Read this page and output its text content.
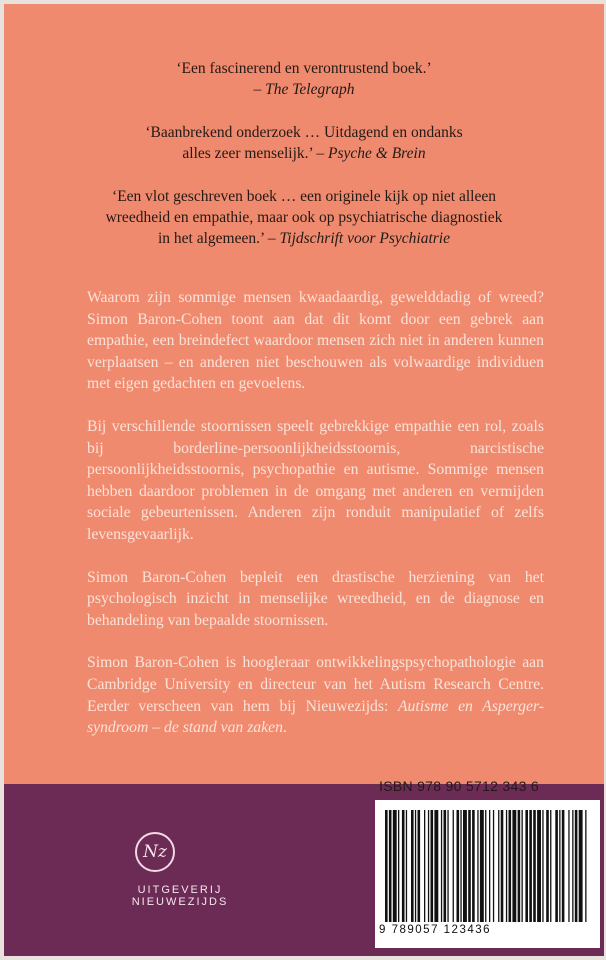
‘Een fascinerend en verontrustend boek.’
– The Telegraph
‘Baanbrekend onderzoek … Uitdagend en ondanks
alles zeer menselijk.’ – Psyche & Brein
‘Een vlot geschreven boek … een originele kijk op niet alleen
wreedheid en empathie, maar ook op psychiatrische diagnostiek
in het algemeen.’ – Tijdschrift voor Psychiatrie

Waarom zijn sommige mensen kwaadaardig, gewelddadig of wreed? Simon Baron-Cohen toont aan dat dit komt door een gebrek aan empathie, een breindefect waardoor mensen zich niet in anderen kunnen verplaatsen – en anderen niet beschouwen als volwaardige individuen met eigen gedachten en gevoelens.

Bij verschillende stoornissen speelt gebrekkige empathie een rol, zoals bij borderline-persoonlijkheidsstoornis, narcistische persoonlijkheidsstoornis, psychopathie en autisme. Sommige mensen hebben daardoor problemen in de omgang met anderen en vermijden sociale gebeurtenissen. Anderen zijn ronduit manipulatief of zelfs levensgevaarlijk.

Simon Baron-Cohen bepleit een drastische herziening van het psychologisch inzicht in menselijke wreedheid, en de diagnose en behandeling van bepaalde stoornissen.

Simon Baron-Cohen is hoogleraar ontwikkelingspsychopathologie aan Cambridge University en directeur van het Autism Research Centre. Eerder verscheen van hem bij Nieuwezijds: Autisme en Asperger-syndroom – de stand van zaken.

Nz
UITGEVERIJ NIEUWEZIJDS
ISBN 978 90 5712 343 6
9 789057 123436
